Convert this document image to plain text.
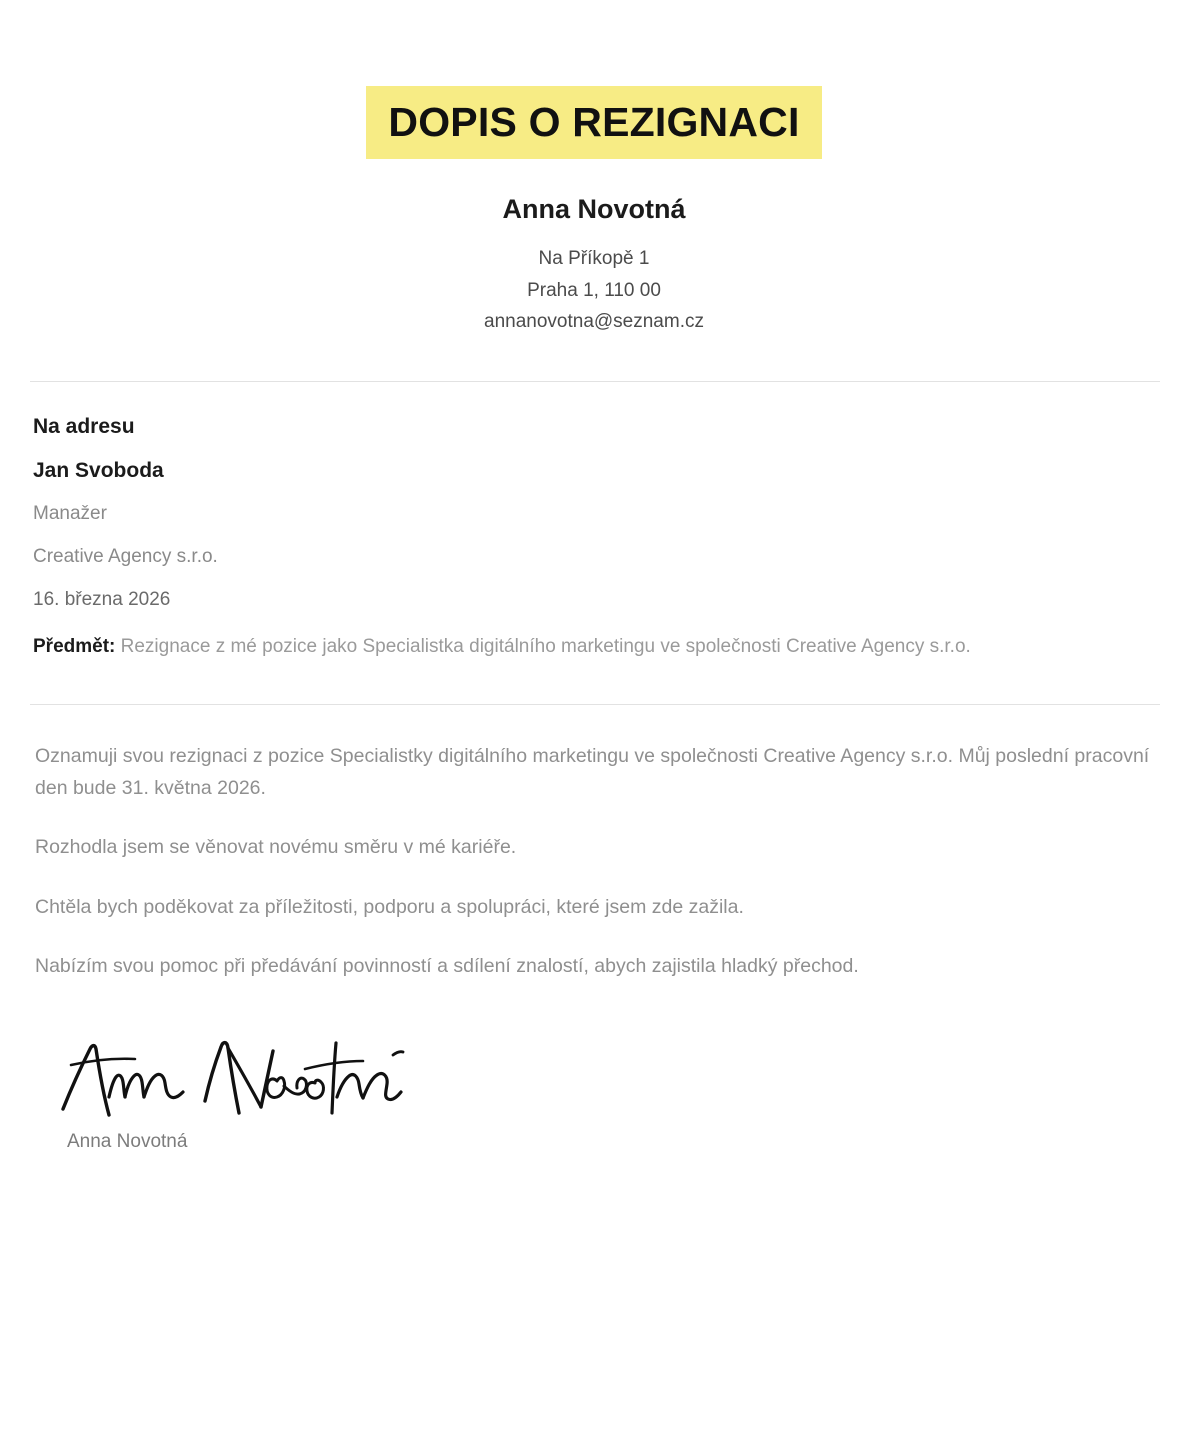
DOPIS O REZIGNACI
Anna Novotná
Na Příkopě 1
Praha 1, 110 00
annanovotna@seznam.cz
Na adresu
Jan Svoboda
Manažer
Creative Agency s.r.o.
16. března 2026
Předmět: Rezignace z mé pozice jako Specialistka digitálního marketingu ve společnosti Creative Agency s.r.o.

Oznamuji svou rezignaci z pozice Specialistky digitálního marketingu ve společnosti Creative Agency s.r.o. Můj poslední pracovní den bude 31. května 2026.

Rozhodla jsem se věnovat novému směru v mé kariéře.

Chtěla bych poděkovat za příležitosti, podporu a spolupráci, které jsem zde zažila.

Nabízím svou pomoc při předávání povinností a sdílení znalostí, abych zajistila hladký přechod.

Anna Novotná
